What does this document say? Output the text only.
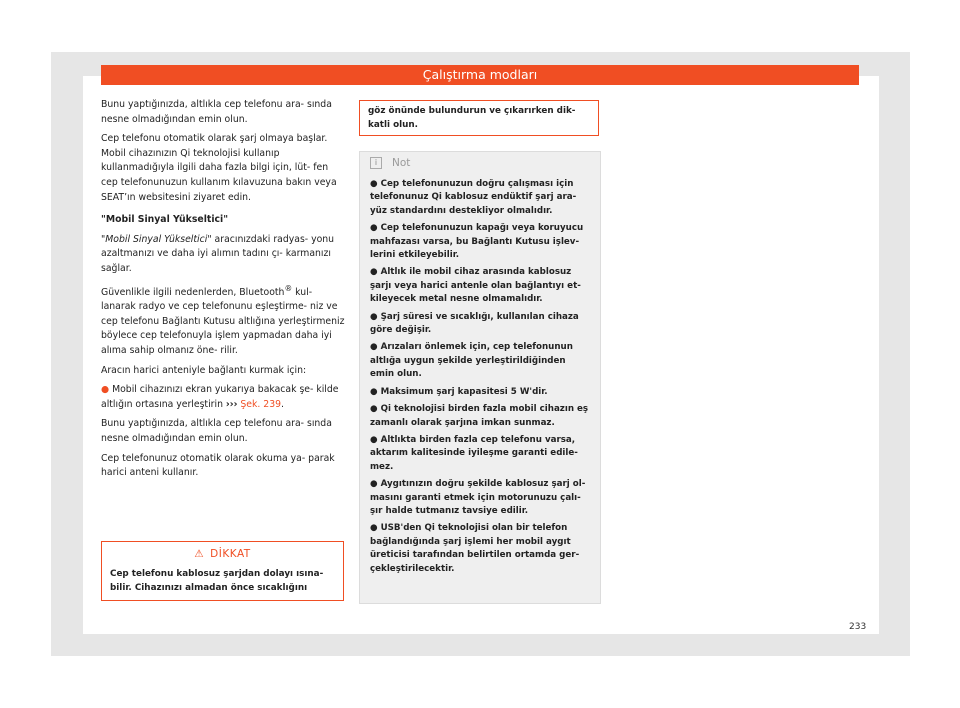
Çalıştırma modları

Bunu yaptığınızda, altlıkla cep telefonu ara- sında nesne olmadığından emin olun.

Cep telefonu otomatik olarak şarj olmaya başlar. Mobil cihazınızın Qi teknolojisi kullanıp kullanmadığıyla ilgili daha fazla bilgi için, lüt- fen cep telefonunuzun kullanım kılavuzuna bakın veya SEAT’ın websitesini ziyaret edin.

"Mobil Sinyal Yükseltici"

"Mobil Sinyal Yükseltici" aracınızdaki radyas- yonu azaltmanızı ve daha iyi alımın tadını çı- karmanızı sağlar.

Güvenlikle ilgili nedenlerden, Bluetooth® kul- lanarak radyo ve cep telefonunu eşleştirme- niz ve cep telefonu Bağlantı Kutusu altlığına yerleştirmeniz böylece cep telefonuyla işlem yapmadan daha iyi alıma sahip olmanız öne- rilir.

Aracın harici anteniyle bağlantı kurmak için:

● Mobil cihazınızı ekran yukarıya bakacak şe- kilde altlığın ortasına yerleştirin ››› Şek. 239.

Bunu yaptığınızda, altlıkla cep telefonu ara- sında nesne olmadığından emin olun.

Cep telefonunuz otomatik olarak okuma ya- parak harici anteni kullanır.

⚠ DİKKAT
Cep telefonu kablosuz şarjdan dolayı ısına- bilir. Cihazınızı almadan önce sıcaklığını
göz önünde bulundurun ve çıkarırken dik- katli olun.
i	Not
● Cep telefonunuzun doğru çalışması için telefonunuz Qi kablosuz endüktif şarj ara- yüz standardını destekliyor olmalıdır.
● Cep telefonunuzun kapağı veya koruyucu mahfazası varsa, bu Bağlantı Kutusu işlev- lerini etkileyebilir.
● Altlık ile mobil cihaz arasında kablosuz şarjı veya harici antenle olan bağlantıyı et- kileyecek metal nesne olmamalıdır.
● Şarj süresi ve sıcaklığı, kullanılan cihaza göre değişir.
● Arızaları önlemek için, cep telefonunun altlığa uygun şekilde yerleştirildiğinden emin olun.
● Maksimum şarj kapasitesi 5 W'dir.
● Qi teknolojisi birden fazla mobil cihazın eş zamanlı olarak şarjına imkan sunmaz.
● Altlıkta birden fazla cep telefonu varsa, aktarım kalitesinde iyileşme garanti edile- mez.
● Aygıtınızın doğru şekilde kablosuz şarj ol- masını garanti etmek için motorunuzu çalı- şır halde tutmanız tavsiye edilir.
● USB'den Qi teknolojisi olan bir telefon bağlandığında şarj işlemi her mobil aygıt üreticisi tarafından belirtilen ortamda ger- çekleştirilecektir.
233
